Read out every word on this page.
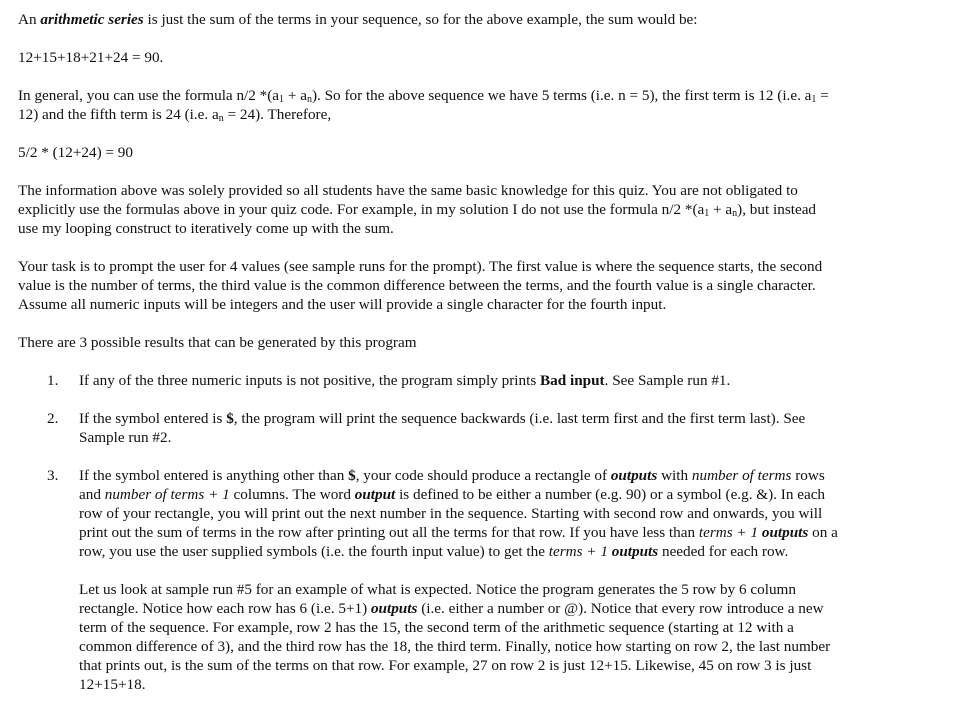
An arithmetic series is just the sum of the terms in your sequence, so for the above example, the sum would be:

12+15+18+21+24 = 90.

In general, you can use the formula n/2 $*(a_1 + a_n)$. So for the above sequence we have 5 terms (i.e. n = 5), the first term is 12 (i.e. $a_1$ =
12) and the fifth term is 24 (i.e. $a_n = 24$). Therefore,

5/2 * (12+24) = 90

The information above was solely provided so all students have the same basic knowledge for this quiz. You are not obligated to
explicitly use the formulas above in your quiz code. For example, in my solution I do not use the formula n/2 $*(a_1 + a_n)$, but instead
use my looping construct to iteratively come up with the sum.

Your task is to prompt the user for 4 values (see sample runs for the prompt). The first value is where the sequence starts, the second
value is the number of terms, the third value is the common difference between the terms, and the fourth value is a single character.
Assume all numeric inputs will be integers and the user will provide a single character for the fourth input.

There are 3 possible results that can be generated by this program

1. If any of the three numeric inputs is not positive, the program simply prints Bad input. See Sample run #1.
2. If the symbol entered is $, the program will print the sequence backwards (i.e. last term first and the first term last). See
Sample run #2.
3. If the symbol entered is anything other than $, your code should produce a rectangle of outputs with number of terms rows
and number of terms + 1 columns. The word output is defined to be either a number (e.g. 90) or a symbol (e.g. &). In each
row of your rectangle, you will print out the next number in the sequence. Starting with second row and onwards, you will
print out the sum of terms in the row after printing out all the terms for that row. If you have less than terms + 1 outputs on a
row, you use the user supplied symbols (i.e. the fourth input value) to get the terms + 1 outputs needed for each row.
Let us look at sample run #5 for an example of what is expected. Notice the program generates the 5 row by 6 column
rectangle. Notice how each row has 6 (i.e. 5+1) outputs (i.e. either a number or @). Notice that every row introduce a new
term of the sequence. For example, row 2 has the 15, the second term of the arithmetic sequence (starting at 12 with a
common difference of 3), and the third row has the 18, the third term. Finally, notice how starting on row 2, the last number
that prints out, is the sum of the terms on that row. For example, 27 on row 2 is just 12+15. Likewise, 45 on row 3 is just
12+15+18.
